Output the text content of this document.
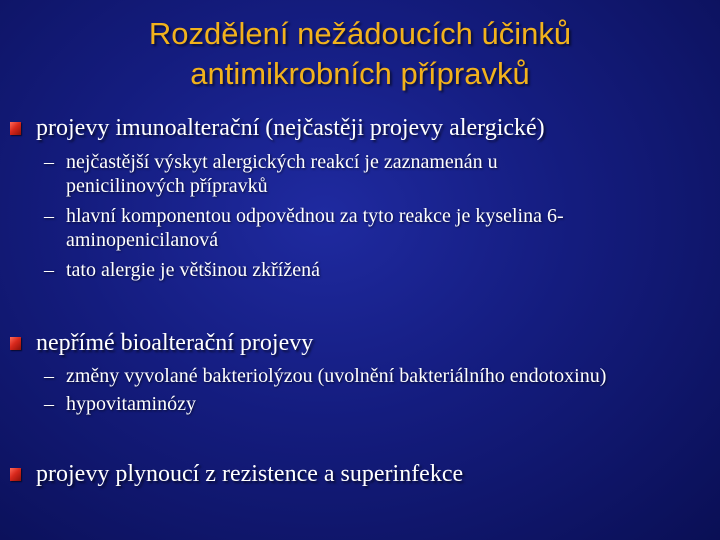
Rozdělení nežádoucích účinků
antimikrobních přípravků
projevy imunoalterační (nejčastěji projevy alergické)
– nejčastější výskyt alergických reakcí je zaznamenán u
penicilinových přípravků
– hlavní komponentou odpovědnou za tyto reakce je kyselina 6-
aminopenicilanová
– tato alergie je většinou zkřížená
nepřímé bioalterační projevy
– změny vyvolané bakteriolýzou (uvolnění bakteriálního endotoxinu)
– hypovitaminózy
projevy plynoucí z rezistence a superinfekce
